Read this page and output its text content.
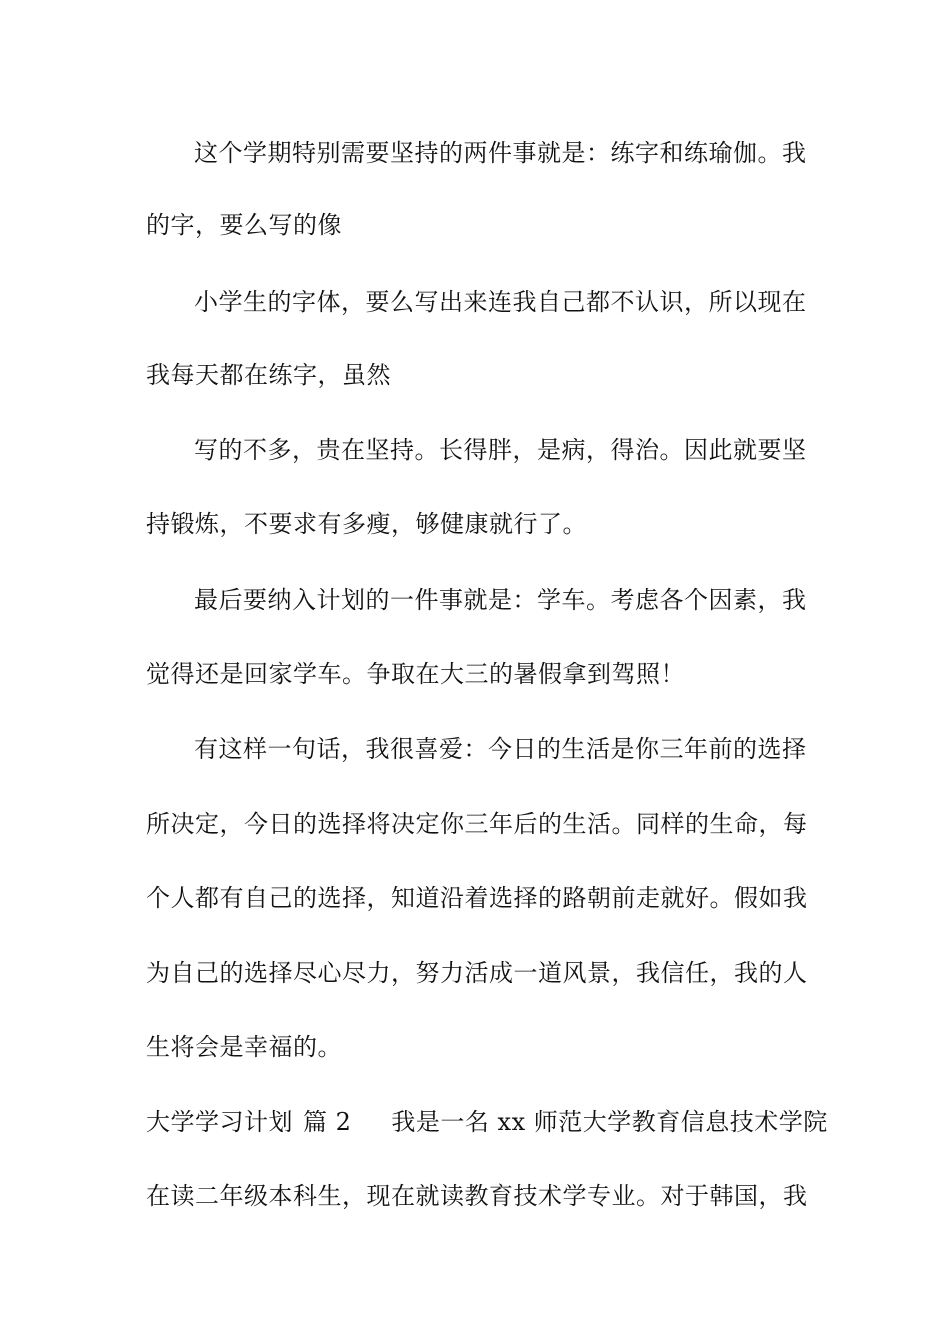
这个学期特别需要坚持的两件事就是：练字和练瑜伽。我
的字，要么写的像
小学生的字体，要么写出来连我自己都不认识，所以现在
我每天都在练字，虽然
写的不多，贵在坚持。长得胖，是病，得治。因此就要坚
持锻炼，不要求有多瘦，够健康就行了。
最后要纳入计划的一件事就是：学车。考虑各个因素，我
觉得还是回家学车。争取在大三的暑假拿到驾照！
有这样一句话，我很喜爱：今日的生活是你三年前的选择
所决定，今日的选择将决定你三年后的生活。同样的生命，每
个人都有自己的选择，知道沿着选择的路朝前走就好。假如我
为自己的选择尽心尽力，努力活成一道风景，我信任，我的人
生将会是幸福的。
大学学习计划 篇 2 我是一名 xx 师范大学教育信息技术学院
在读二年级本科生，现在就读教育技术学专业。对于韩国，我
